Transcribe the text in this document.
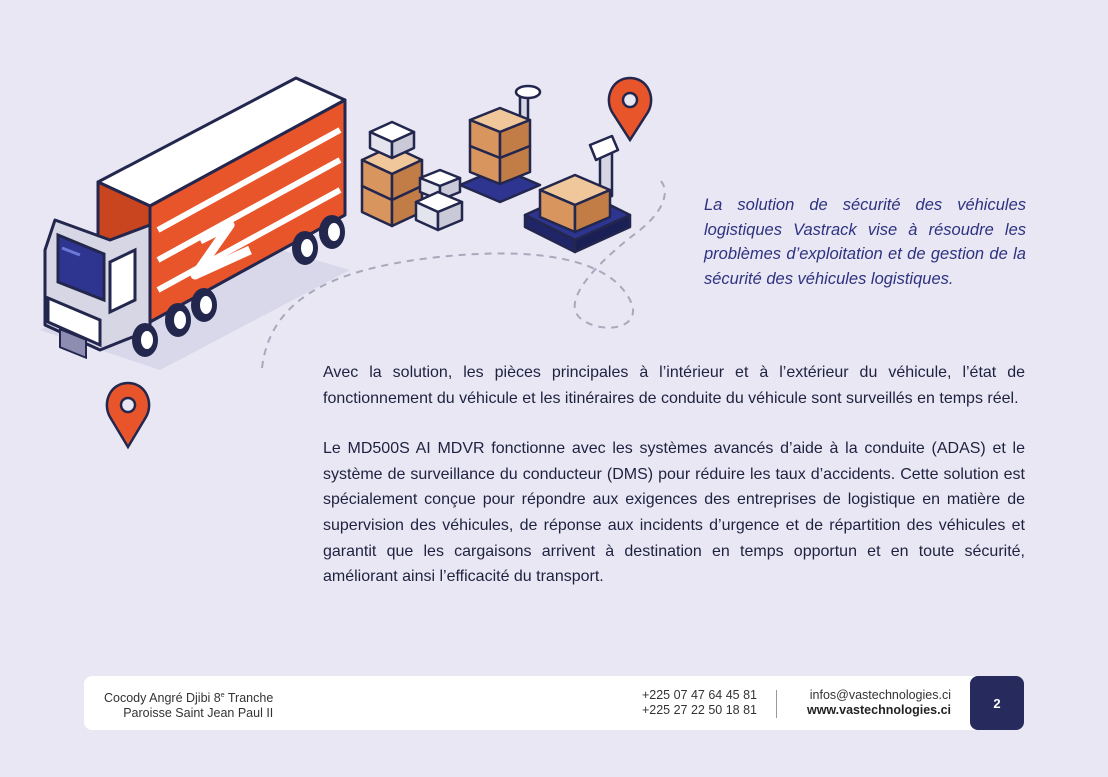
La solution de sécurité des véhicules logistiques Vastrack vise à résoudre les problèmes d’exploitation et de gestion de la sécurité des véhicules logistiques.

Avec la solution, les pièces principales à l’intérieur et à l’extérieur du véhicule, l’état de fonctionnement du véhicule et les itinéraires de conduite du véhicule sont surveillés en temps réel.

Le MD500S AI MDVR fonctionne avec les systèmes avancés d’aide à la conduite (ADAS) et le système de surveillance du conducteur (DMS) pour réduire les taux d’accidents. Cette solution est spécialement conçue pour répondre aux exigences des entreprises de logistique en matière de supervision des véhicules, de réponse aux incidents d’urgence et de répartition des véhicules et garantit que les cargaisons arrivent à destination en temps opportun et en toute sécurité, améliorant ainsi l’efficacité du transport.

Cocody Angré Djibi 8e Tranche
Paroisse Saint Jean Paul II
+225 07 47 64 45 81
+225 27 22 50 18 81
infos@vastechnologies.ci
www.vastechnologies.ci	2
